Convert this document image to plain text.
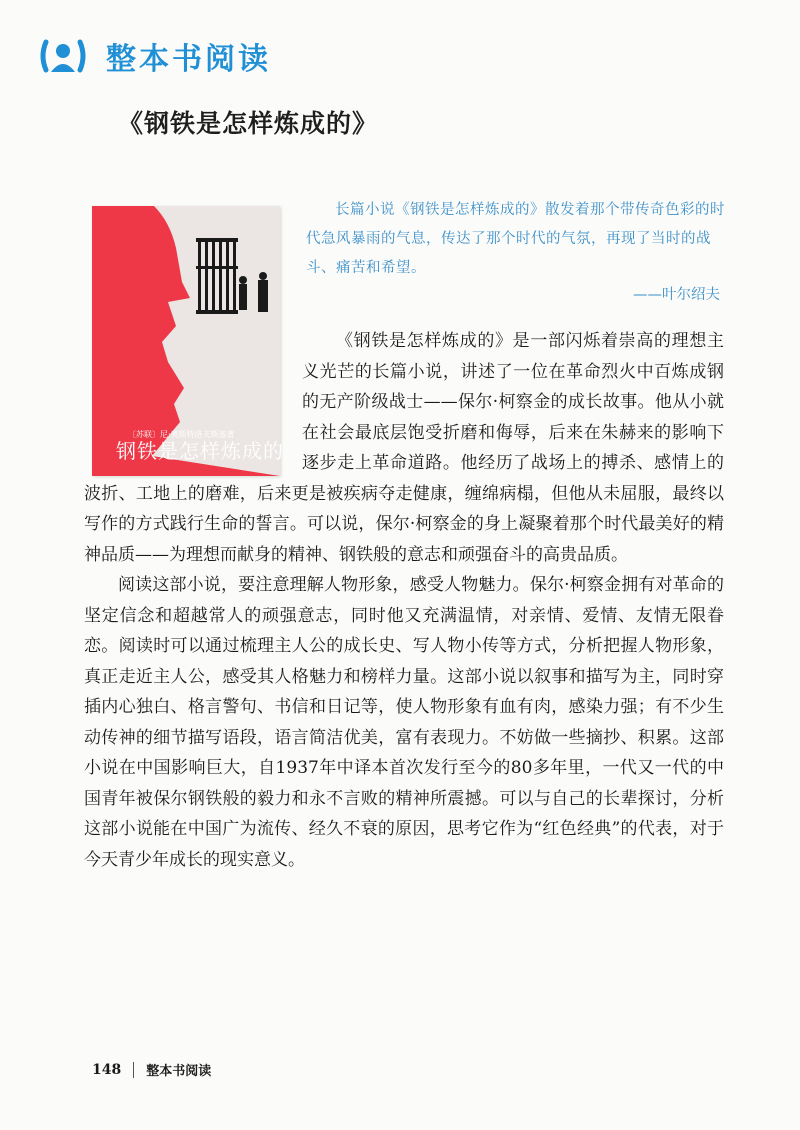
整本书阅读
《钢铁是怎样炼成的》
〔苏联〕尼·奥斯特洛夫斯基著
钢铁是怎样炼成的
长篇小说《钢铁是怎样炼成的》散发着那个带传奇色彩的时代急风暴雨的气息，传达了那个时代的气氛，再现了当时的战斗、痛苦和希望。
——叶尔绍夫

《钢铁是怎样炼成的》是一部闪烁着崇高的理想主义光芒的长篇小说，讲述了一位在革命烈火中百炼成钢的无产阶级战士——保尔·柯察金的成长故事。他从小就在社会最底层饱受折磨和侮辱，后来在朱赫来的影响下逐步走上革命道路。他经历了战场上的搏杀、感情上的波折、工地上的磨难，后来更是被疾病夺走健康，缠绵病榻，但他从未屈服，最终以写作的方式践行生命的誓言。可以说，保尔·柯察金的身上凝聚着那个时代最美好的精神品质——为理想而献身的精神、钢铁般的意志和顽强奋斗的高贵品质。

阅读这部小说，要注意理解人物形象，感受人物魅力。保尔·柯察金拥有对革命的坚定信念和超越常人的顽强意志，同时他又充满温情，对亲情、爱情、友情无限眷恋。阅读时可以通过梳理主人公的成长史、写人物小传等方式，分析把握人物形象，真正走近主人公，感受其人格魅力和榜样力量。这部小说以叙事和描写为主，同时穿插内心独白、格言警句、书信和日记等，使人物形象有血有肉，感染力强；有不少生动传神的细节描写语段，语言简洁优美，富有表现力。不妨做一些摘抄、积累。这部小说在中国影响巨大，自1937年中译本首次发行至今的80多年里，一代又一代的中国青年被保尔钢铁般的毅力和永不言败的精神所震撼。可以与自己的长辈探讨，分析这部小说能在中国广为流传、经久不衰的原因，思考它作为“红色经典”的代表，对于今天青少年成长的现实意义。

148 整本书阅读
